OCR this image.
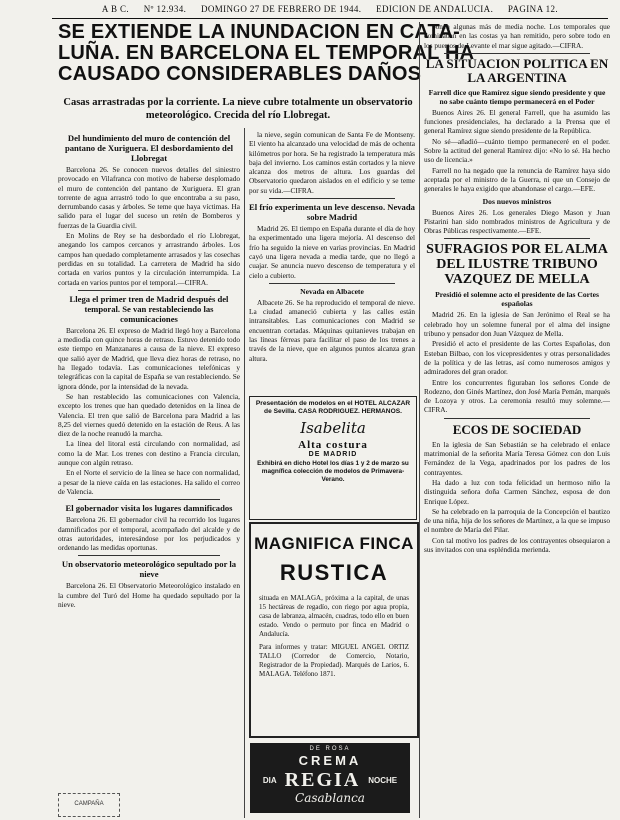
A B C. Nº 12.934. DOMINGO 27 DE FEBRERO DE 1944. EDICION DE ANDALUCIA. PAGINA 12.
SE EXTIENDE LA INUNDACION EN CATA-
LUÑA. EN BARCELONA EL TEMPORAL HA
CAUSADO CONSIDERABLES DAÑOS
Casas arrastradas por la corriente. La nieve cubre totalmente un observatorio meteorológico. Crecida del río Llobregat.
Del hundimiento del muro de contención del pantano de Xuriguera. El desbordamiento del Llobregat

Barcelona 26. Se conocen nuevos detalles del siniestro provocado en Vilafranca con motivo de haberse desplomado el muro de contención del pantano de Xuriguera. El gran torrente de agua arrastró todo lo que encontraba a su paso, derrumbando casas y árboles. Se teme que haya víctimas. Ha salido para el lugar del suceso un retén de Bomberos y fuerzas de la Guardia civil.

En Molins de Rey se ha desbordado el río Llobregat, anegando los campos cercanos y arrastrando árboles. Los campos han quedado completamente arrasados y las cosechas perdidas en su totalidad. La carretera de Madrid ha sido cortada en varios puntos y la circulación interrumpida. La cortada en varios puntos por el temporal.—CIFRA.

Llega el primer tren de Madrid después del temporal. Se van restableciendo las comunicaciones

Barcelona 26. El expreso de Madrid llegó hoy a Barcelona a mediodía con quince horas de retraso. Estuvo detenido todo este tiempo en Manzanares a causa de la nieve. El expreso que salió ayer de Madrid, que lleva diez horas de retraso, no ha llegado todavía. Las comunicaciones telefónicas y telegráficas con la capital de España se van restableciendo. Se ignora dónde, por la intensidad de la nevada.

Se han restablecido las comunicaciones con Valencia, excepto los trenes que han quedado detenidos en la línea de Valencia. El tren que salió de Barcelona para Madrid a las 8,25 del viernes quedó detenido en la estación de Reus. A las diez de la noche reanudó la marcha.

La línea del litoral está circulando con normalidad, así como la de Mar. Los trenes con destino a Francia circulan, aunque con algún retraso.

En el Norte el servicio de la línea se hace con normalidad, a pesar de la nieve caída en las estaciones. Ha salido el correo de Valencia.

El gobernador visita los lugares damnificados

Barcelona 26. El gobernador civil ha recorrido los lugares damnificados por el temporal, acompañado del alcalde y de otras autoridades, interesándose por los perjudicados y ordenando las medidas oportunas.

Un observatorio meteorológico sepultado por la nieve

Barcelona 26. El Observatorio Meteorológico instalado en la cumbre del Turó del Home ha quedado sepultado por la nieve.

la nieve, según comunican de Santa Fe de Montseny. El viento ha alcanzado una velocidad de más de ochenta kilómetros por hora. Se ha registrado la temperatura más baja del invierno. Los caminos están cortados y la nieve alcanza dos metros de altura. Los guardas del Observatorio quedaron aislados en el edificio y se teme por su vida.—CIFRA.

El frío experimenta un leve descenso. Nevada sobre Madrid

Madrid 26. El tiempo en España durante el día de hoy ha experimentado una ligera mejoría. Al descenso del frío ha seguido la nieve en varias provincias. En Madrid cayó una ligera nevada a media tarde, que no llegó a cuajar. Se anuncia nuevo descenso de temperatura y el cielo a cubierto.

Nevada en Albacete

Albacete 26. Se ha reproducido el temporal de nieve. La ciudad amaneció cubierta y las calles están intransitables. Las comunicaciones con Madrid se encuentran cortadas. Máquinas quitanieves trabajan en las líneas férreas para facilitar el paso de los trenes a través de la nieve, que en algunos puntos alcanza gran altura.

Presentación de modelos en el HOTEL ALCAZAR de Sevilla. CASA RODRIGUEZ. HERMANOS.
Isabelita
Alta costura
DE MADRID
Exhibirá en dicho Hotel los días 1 y 2 de marzo su magnífica colección de modelos de Primavera-Verano.
MAGNIFICA FINCA
RUSTICA
situada en MALAGA, próxima a la capital, de unas 15 hectáreas de regadío, con riego por agua propia, casa de labranza, almacén, cuadras, todo ello en buen estado. Vendo o permuto por finca en Madrid o Andalucía.
Para informes y tratar: MIGUEL ANGEL ORTIZ TALLO (Corredor de Comercio, Notario, Registrador de la Propiedad). Marqués de Larios, 6. MALAGA. Teléfono 1871.
DE ROSA
CREMA
DIA REGIA NOCHE
Casablanca

ponen algunas más de media noche. Los temporales que dominaban en las costas ya han remitido, pero sobre todo en los puertos de Levante el mar sigue agitado.—CIFRA.

LA SITUACION POLITICA EN LA ARGENTINA
Farrell dice que Ramírez sigue siendo presidente y que no sabe cuánto tiempo permanecerá en el Poder

Buenos Aires 26. El general Farrell, que ha asumido las funciones presidenciales, ha declarado a la Prensa que el general Ramírez sigue siendo presidente de la República.

No sé—añadió—cuánto tiempo permaneceré en el poder. Sobre la actitud del general Ramírez dijo: «No lo sé. Ha hecho uso de licencia.»

Farrell no ha negado que la renuncia de Ramírez haya sido aceptada por el ministro de la Guerra, ni que un Consejo de generales le haya exigido que abandonase el cargo.—EFE.

Dos nuevos ministros

Buenos Aires 26. Los generales Diego Mason y Juan Pistarini han sido nombrados ministros de Agricultura y de Obras Públicas respectivamente.—EFE.

SUFRAGIOS POR EL ALMA DEL ILUSTRE TRIBUNO VAZQUEZ DE MELLA
Presidió el solemne acto el presidente de las Cortes españolas

Madrid 26. En la iglesia de San Jerónimo el Real se ha celebrado hoy un solemne funeral por el alma del insigne tribuno y pensador don Juan Vázquez de Mella.

Presidió el acto el presidente de las Cortes Españolas, don Esteban Bilbao, con los vicepresidentes y otras personalidades de la política y de las letras, así como numerosos amigos y admiradores del gran orador.

Entre los concurrentes figuraban los señores Conde de Rodezno, don Ginés Martínez, don José María Pemán, marqués de Lozoya y otros. La ceremonia resultó muy solemne.—CIFRA.

ECOS DE SOCIEDAD

En la iglesia de San Sebastián se ha celebrado el enlace matrimonial de la señorita María Teresa Gómez con don Luis Fernández de la Vega, apadrinados por los padres de los contrayentes.

Ha dado a luz con toda felicidad un hermoso niño la distinguida señora doña Carmen Sánchez, esposa de don Enrique López.

Se ha celebrado en la parroquia de la Concepción el bautizo de una niña, hija de los señores de Martínez, a la que se impuso el nombre de María del Pilar.

Con tal motivo los padres de los contrayentes obsequiaron a sus invitados con una espléndida merienda.

CAMPAÑA
